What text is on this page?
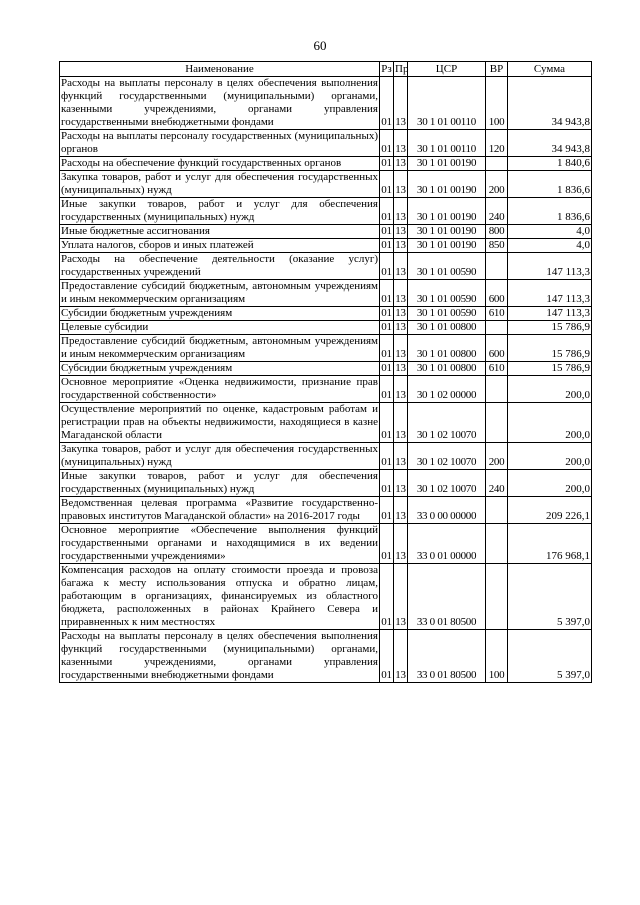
60
Наименование	Рз	Пр	ЦСР	ВР	Сумма
Расходы на выплаты персоналу в целях обеспечения выполнения функций государственными (муниципальными) органами, казенными учреждениями, органами управления государственными внебюджетными фондами	01	13	30 1 01 00110	100	34 943,8
Расходы на выплаты персоналу государственных (муниципальных) органов	01	13	30 1 01 00110	120	34 943,8
Расходы на обеспечение функций государственных органов	01	13	30 1 01 00190		1 840,6
Закупка товаров, работ и услуг для обеспечения государственных (муниципальных) нужд	01	13	30 1 01 00190	200	1 836,6
Иные закупки товаров, работ и услуг для обеспечения государственных (муниципальных) нужд	01	13	30 1 01 00190	240	1 836,6
Иные бюджетные ассигнования	01	13	30 1 01 00190	800	4,0
Уплата налогов, сборов и иных платежей	01	13	30 1 01 00190	850	4,0
Расходы на обеспечение деятельности (оказание услуг) государственных учреждений	01	13	30 1 01 00590		147 113,3
Предоставление субсидий бюджетным, автономным учреждениям и иным некоммерческим организациям	01	13	30 1 01 00590	600	147 113,3
Субсидии бюджетным учреждениям	01	13	30 1 01 00590	610	147 113,3
Целевые субсидии	01	13	30 1 01 00800		15 786,9
Предоставление субсидий бюджетным, автономным учреждениям и иным некоммерческим организациям	01	13	30 1 01 00800	600	15 786,9
Субсидии бюджетным учреждениям	01	13	30 1 01 00800	610	15 786,9
Основное мероприятие «Оценка недвижимости, признание прав государственной собственности»	01	13	30 1 02 00000		200,0
Осуществление мероприятий по оценке, кадастровым работам и регистрации прав на объекты недвижимости, находящиеся в казне Магаданской области	01	13	30 1 02 10070		200,0
Закупка товаров, работ и услуг для обеспечения государственных (муниципальных) нужд	01	13	30 1 02 10070	200	200,0
Иные закупки товаров, работ и услуг для обеспечения государственных (муниципальных) нужд	01	13	30 1 02 10070	240	200,0
Ведомственная целевая программа «Развитие государственно-правовых институтов Магаданской области» на 2016-2017 годы	01	13	33 0 00 00000		209 226,1
Основное мероприятие «Обеспечение выполнения функций государственными органами и находящимися в их ведении государственными учреждениями»	01	13	33 0 01 00000		176 968,1
Компенсация расходов на оплату стоимости проезда и провоза багажа к месту использования отпуска и обратно лицам, работающим в организациях, финансируемых из областного бюджета, расположенных в районах Крайнего Севера и приравненных к ним местностях	01	13	33 0 01 80500		5 397,0
Расходы на выплаты персоналу в целях обеспечения выполнения функций государственными (муниципальными) органами, казенными учреждениями, органами управления государственными внебюджетными фондами	01	13	33 0 01 80500	100	5 397,0
